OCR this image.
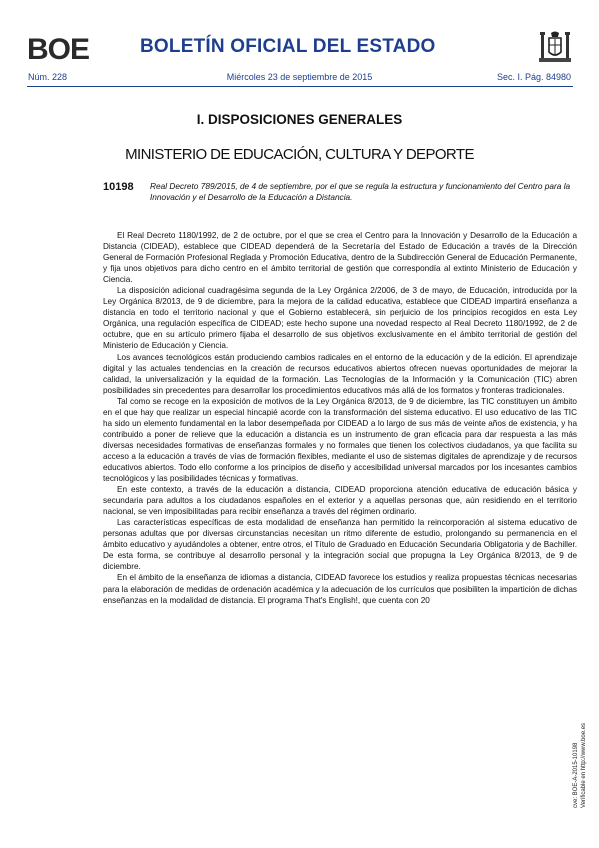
BOE	BOLETÍN OFICIAL DEL ESTADO
Núm. 228	Miércoles 23 de septiembre de 2015	Sec. I. Pág. 84980
I. DISPOSICIONES GENERALES
MINISTERIO DE EDUCACIÓN, CULTURA Y DEPORTE
10198 Real Decreto 789/2015, de 4 de septiembre, por el que se regula la estructura y funcionamiento del Centro para la Innovación y el Desarrollo de la Educación a Distancia.

El Real Decreto 1180/1992, de 2 de octubre, por el que se crea el Centro para la Innovación y Desarrollo de la Educación a Distancia (CIDEAD), establece que CIDEAD dependerá de la Secretaría del Estado de Educación a través de la Dirección General de Formación Profesional Reglada y Promoción Educativa, dentro de la Subdirección General de Educación Permanente, y fija unos objetivos para dicho centro en el ámbito territorial de gestión que correspondía al extinto Ministerio de Educación y Ciencia.

La disposición adicional cuadragésima segunda de la Ley Orgánica 2/2006, de 3 de mayo, de Educación, introducida por la Ley Orgánica 8/2013, de 9 de diciembre, para la mejora de la calidad educativa, establece que CIDEAD impartirá enseñanza a distancia en todo el territorio nacional y que el Gobierno establecerá, sin perjuicio de los principios recogidos en esta Ley Orgánica, una regulación específica de CIDEAD; este hecho supone una novedad respecto al Real Decreto 1180/1992, de 2 de octubre, que en su artículo primero fijaba el desarrollo de sus objetivos exclusivamente en el ámbito territorial de gestión del Ministerio de Educación y Ciencia.

Los avances tecnológicos están produciendo cambios radicales en el entorno de la educación y de la edición. El aprendizaje digital y las actuales tendencias en la creación de recursos educativos abiertos ofrecen nuevas oportunidades de mejorar la calidad, la universalización y la equidad de la formación. Las Tecnologías de la Información y la Comunicación (TIC) abren posibilidades sin precedentes para desarrollar los procedimientos educativos más allá de los formatos y fronteras tradicionales.

Tal como se recoge en la exposición de motivos de la Ley Orgánica 8/2013, de 9 de diciembre, las TIC constituyen un ámbito en el que hay que realizar un especial hincapié acorde con la transformación del sistema educativo. El uso educativo de las TIC ha sido un elemento fundamental en la labor desempeñada por CIDEAD a lo largo de sus más de veinte años de existencia, y ha contribuido a poner de relieve que la educación a distancia es un instrumento de gran eficacia para dar respuesta a las más diversas necesidades formativas de enseñanzas formales y no formales que tienen los colectivos ciudadanos, ya que facilita su acceso a la educación a través de vías de formación flexibles, mediante el uso de sistemas digitales de aprendizaje y de recursos educativos abiertos. Todo ello conforme a los principios de diseño y accesibilidad universal marcados por los incesantes cambios tecnológicos y las posibilidades técnicas y formativas.

En este contexto, a través de la educación a distancia, CIDEAD proporciona atención educativa de educación básica y secundaria para adultos a los ciudadanos españoles en el exterior y a aquellas personas que, aún residiendo en el territorio nacional, se ven imposibilitadas para recibir enseñanza a través del régimen ordinario.

Las características específicas de esta modalidad de enseñanza han permitido la reincorporación al sistema educativo de personas adultas que por diversas circunstancias necesitan un ritmo diferente de estudio, prolongando su permanencia en el ámbito educativo y ayudándoles a obtener, entre otros, el Título de Graduado en Educación Secundaria Obligatoria y de Bachiller. De esta forma, se contribuye al desarrollo personal y la integración social que propugna la Ley Orgánica 8/2013, de 9 de diciembre.

En el ámbito de la enseñanza de idiomas a distancia, CIDEAD favorece los estudios y realiza propuestas técnicas necesarias para la elaboración de medidas de ordenación académica y la adecuación de los currículos que posibiliten la impartición de dichas enseñanzas en la modalidad de distancia. El programa That's English!, que cuenta con 20

cve: BOE-A-2015-10198 Verificable en http://www.boe.es
